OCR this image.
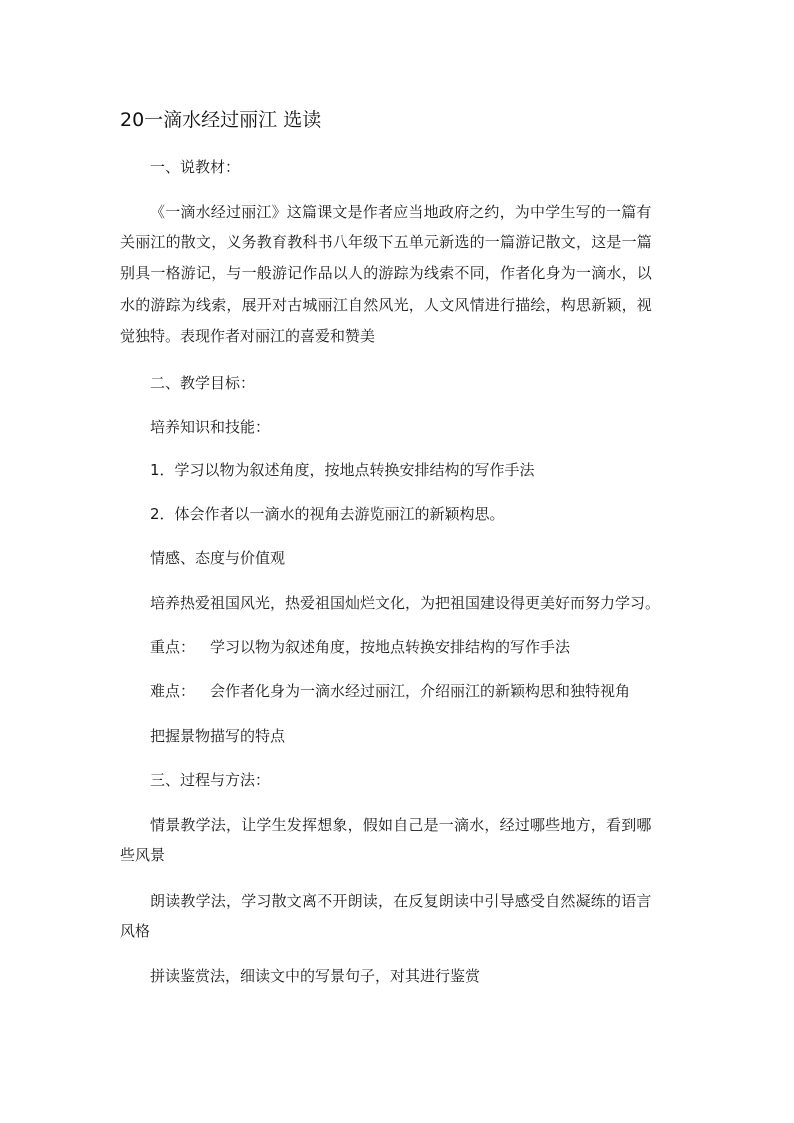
20一滴水经过丽江 选读
一、说教材：
《一滴水经过丽江》这篇课文是作者应当地政府之约，为中学生写的一篇有
关丽江的散文，义务教育教科书八年级下五单元新选的一篇游记散文，这是一篇
别具一格游记，与一般游记作品以人的游踪为线索不同，作者化身为一滴水，以
水的游踪为线索，展开对古城丽江自然风光，人文风情进行描绘，构思新颖，视
觉独特。表现作者对丽江的喜爱和赞美
二、教学目标：
培养知识和技能：
1．学习以物为叙述角度，按地点转换安排结构的写作手法
2．体会作者以一滴水的视角去游览丽江的新颖构思。
情感、态度与价值观
培养热爱祖国风光，热爱祖国灿烂文化，为把祖国建设得更美好而努力学习。
重点： 学习以物为叙述角度，按地点转换安排结构的写作手法
难点： 会作者化身为一滴水经过丽江，介绍丽江的新颖构思和独特视角
把握景物描写的特点
三、过程与方法：
情景教学法，让学生发挥想象，假如自己是一滴水，经过哪些地方，看到哪
些风景
朗读教学法，学习散文离不开朗读，在反复朗读中引导感受自然凝练的语言
风格
拼读鉴赏法，细读文中的写景句子，对其进行鉴赏
